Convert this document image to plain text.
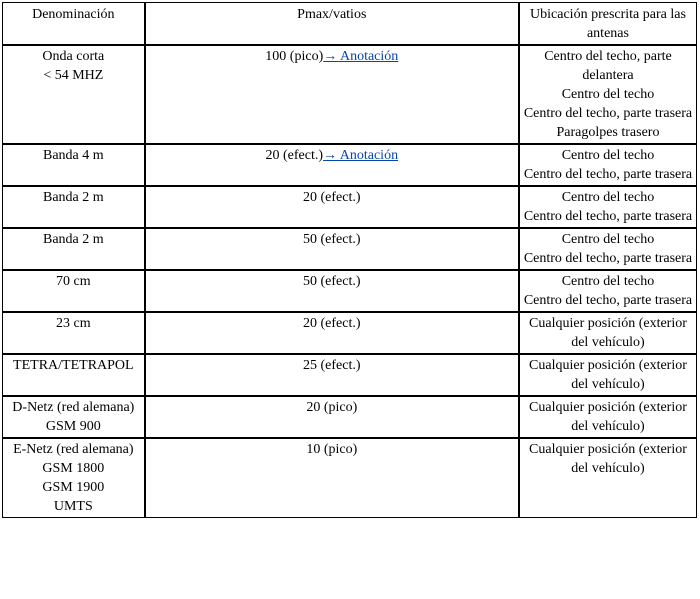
Denominación	Pmax/vatios	Ubicación prescrita para las antenas

Onda corta
< 54 MHZ	100 (pico)→ Anotación	Centro del techo, parte delantera
Centro del techo
Centro del techo, parte trasera
Paragolpes trasero

Banda 4 m	20 (efect.)→ Anotación	Centro del techo
Centro del techo, parte trasera

Banda 2 m	20 (efect.)	Centro del techo
Centro del techo, parte trasera

Banda 2 m	50 (efect.)	Centro del techo
Centro del techo, parte trasera

70 cm	50 (efect.)	Centro del techo
Centro del techo, parte trasera

23 cm	20 (efect.)	Cualquier posición (exterior del vehículo)

TETRA/TETRAPOL	25 (efect.)	Cualquier posición (exterior del vehículo)

D-Netz (red alemana)
GSM 900	20 (pico)	Cualquier posición (exterior del vehículo)

E-Netz (red alemana)
GSM 1800
GSM 1900
UMTS	10 (pico)	Cualquier posición (exterior del vehículo)
